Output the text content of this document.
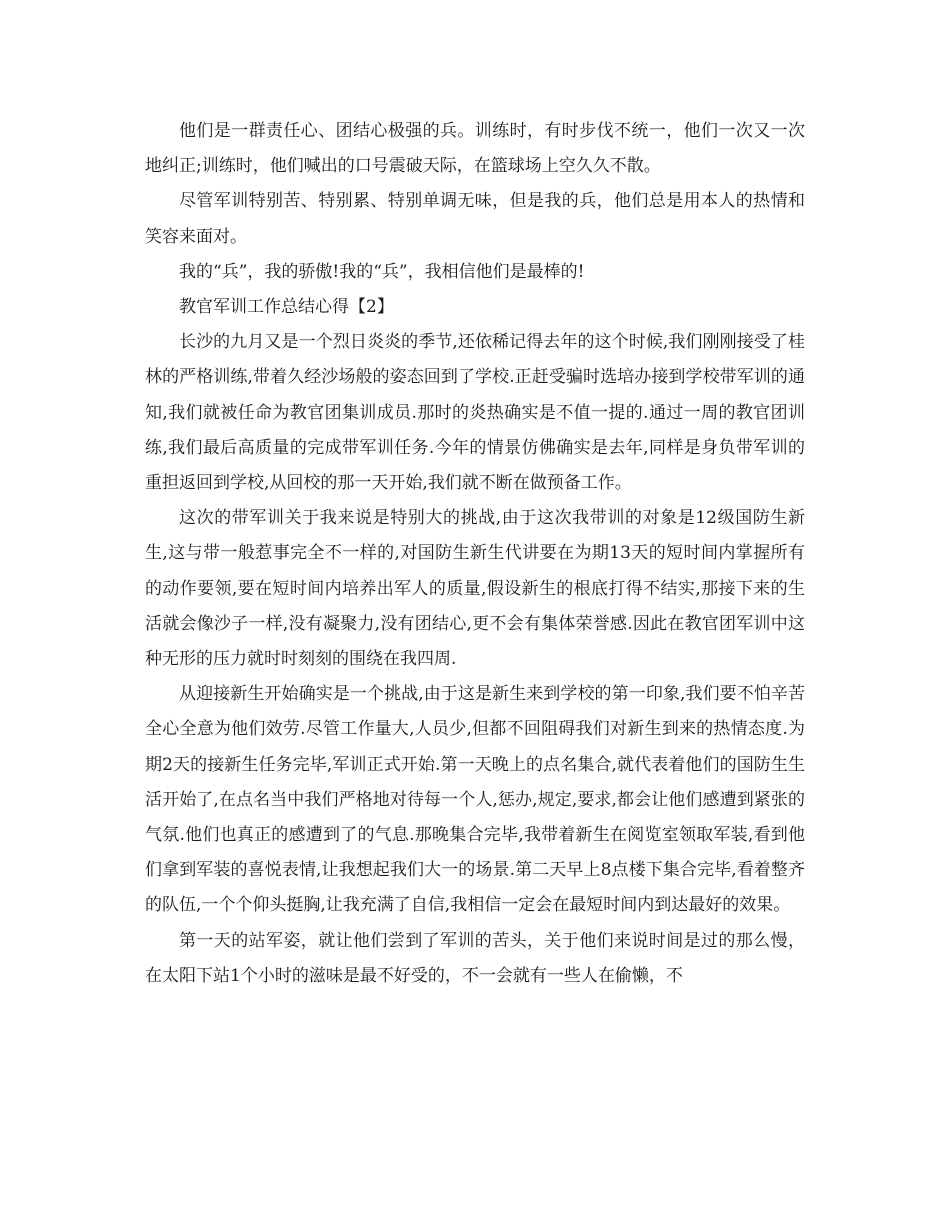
他们是一群责任心、团结心极强的兵。训练时，有时步伐不统一，他们一次又一次地纠正;训练时，他们喊出的口号震破天际，在篮球场上空久久不散。

尽管军训特别苦、特别累、特别单调无味，但是我的兵，他们总是用本人的热情和笑容来面对。

我的“兵”，我的骄傲!我的“兵”，我相信他们是最棒的!

教官军训工作总结心得【2】

长沙的九月又是一个烈日炎炎的季节,还依稀记得去年的这个时候,我们刚刚接受了桂林的严格训练,带着久经沙场般的姿态回到了学校.正赶受骗时选培办接到学校带军训的通知,我们就被任命为教官团集训成员.那时的炎热确实是不值一提的.通过一周的教官团训练,我们最后高质量的完成带军训任务.今年的情景仿佛确实是去年,同样是身负带军训的重担返回到学校,从回校的那一天开始,我们就不断在做预备工作。

这次的带军训关于我来说是特别大的挑战,由于这次我带训的对象是12级国防生新生,这与带一般惹事完全不一样的,对国防生新生代讲要在为期13天的短时间内掌握所有的动作要领,要在短时间内培养出军人的质量,假设新生的根底打得不结实,那接下来的生活就会像沙子一样,没有凝聚力,没有团结心,更不会有集体荣誉感.因此在教官团军训中这种无形的压力就时时刻刻的围绕在我四周.

从迎接新生开始确实是一个挑战,由于这是新生来到学校的第一印象,我们要不怕辛苦全心全意为他们效劳.尽管工作量大,人员少,但都不回阻碍我们对新生到来的热情态度.为期2天的接新生任务完毕,军训正式开始.第一天晚上的点名集合,就代表着他们的国防生生活开始了,在点名当中我们严格地对待每一个人,惩办,规定,要求,都会让他们感遭到紧张的气氛.他们也真正的感遭到了的气息.那晚集合完毕,我带着新生在阅览室领取军装,看到他们拿到军装的喜悦表情,让我想起我们大一的场景.第二天早上8点楼下集合完毕,看着整齐的队伍,一个个仰头挺胸,让我充满了自信,我相信一定会在最短时间内到达最好的效果。

第一天的站军姿，就让他们尝到了军训的苦头，关于他们来说时间是过的那么慢，在太阳下站1个小时的滋味是最不好受的，不一会就有一些人在偷懒，不
